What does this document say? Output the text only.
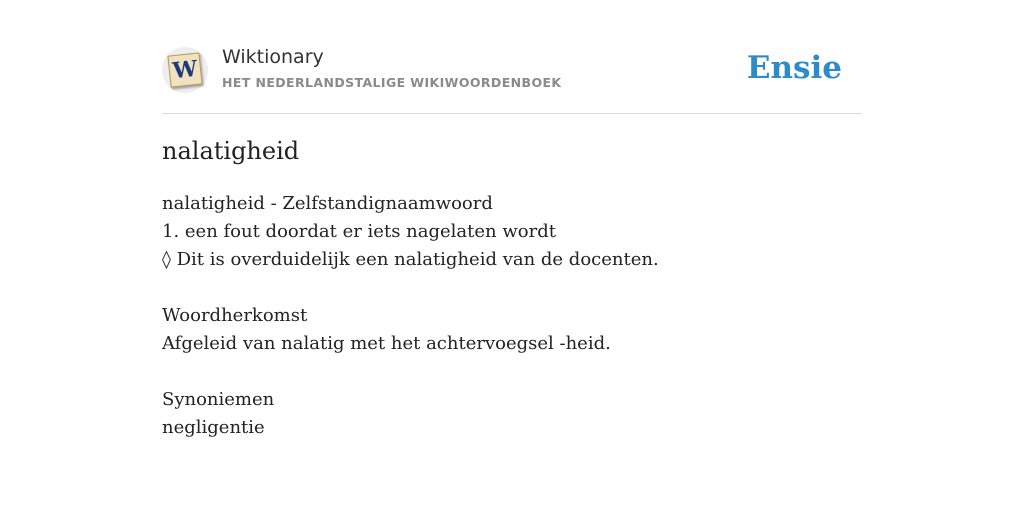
W Wiktionary
HET NEDERLANDSTALIGE WIKIWOORDENBOEK	Ensie
nalatigheid
nalatigheid - Zelfstandignaamwoord
1. een fout doordat er iets nagelaten wordt
◊ Dit is overduidelijk een nalatigheid van de docenten.
Woordherkomst
Afgeleid van nalatig met het achtervoegsel -heid.
Synoniemen
negligentie
